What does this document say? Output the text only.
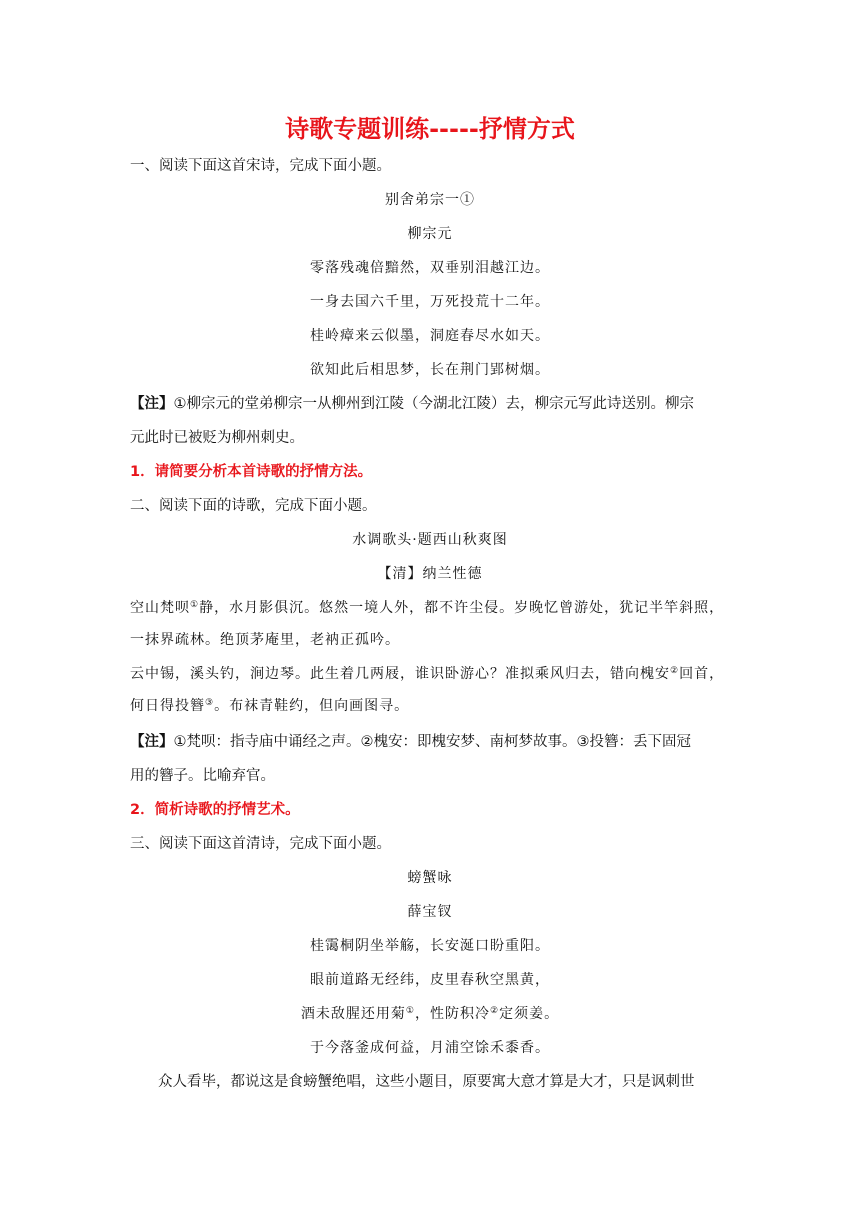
诗歌专题训练-----抒情方式
一、阅读下面这首宋诗，完成下面小题。
别舍弟宗一①
柳宗元
零落残魂倍黯然，双垂别泪越江边。
一身去国六千里，万死投荒十二年。
桂岭瘴来云似墨，洞庭春尽水如天。
欲知此后相思梦，长在荆门郢树烟。
【注】①柳宗元的堂弟柳宗一从柳州到江陵（今湖北江陵）去，柳宗元写此诗送别。柳宗
元此时已被贬为柳州刺史。
1．请简要分析本首诗歌的抒情方法。
二、阅读下面的诗歌，完成下面小题。
水调歌头·题西山秋爽图
【清】纳兰性德
空山梵呗①静，水月影俱沉。悠然一境人外，都不许尘侵。岁晚忆曾游处，犹记半竿斜照，
一抹界疏林。绝顶茅庵里，老衲正孤吟。
云中锡，溪头钓，涧边琴。此生着几两屐，谁识卧游心？准拟乘风归去，错向槐安②回首，
何日得投簪③。布袜青鞋约，但向画图寻。
【注】①梵呗：指寺庙中诵经之声。②槐安：即槐安梦、南柯梦故事。③投簪：丢下固冠
用的簪子。比喻弃官。
2．简析诗歌的抒情艺术。
三、阅读下面这首清诗，完成下面小题。
螃蟹咏
薛宝钗
桂霭桐阴坐举觞，长安涎口盼重阳。
眼前道路无经纬，皮里春秋空黑黄，
酒未敌腥还用菊①，性防积冷②定须姜。
于今落釜成何益，月浦空馀禾黍香。
众人看毕，都说这是食螃蟹绝唱，这些小题目，原要寓大意才算是大才，只是讽刺世
